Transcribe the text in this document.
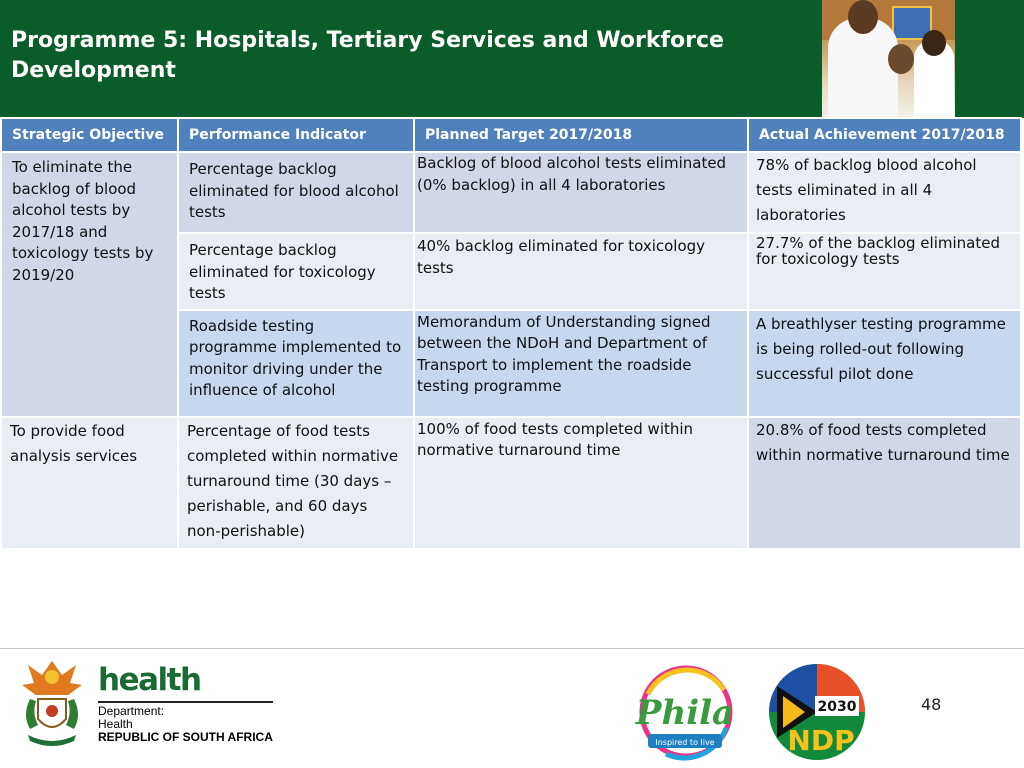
Programme 5: Hospitals, Tertiary Services and Workforce Development
Strategic Objective	Performance Indicator	Planned Target 2017/2018	Actual Achievement 2017/2018
To eliminate the backlog of blood alcohol tests by 2017/18 and toxicology tests by 2019/20	Percentage backlog eliminated for blood alcohol tests	Backlog of blood alcohol tests eliminated (0% backlog) in all 4 laboratories	78% of backlog blood alcohol tests eliminated in all 4 laboratories
	Percentage backlog eliminated for toxicology tests	40% backlog eliminated for toxicology tests	27.7% of the backlog eliminated for toxicology tests
	Roadside testing programme implemented to monitor driving under the influence of alcohol	Memorandum of Understanding signed between the NDoH and Department of Transport to implement the roadside testing programme	A breathlyser testing programme is being rolled-out following successful pilot done
To provide food analysis services	Percentage of food tests completed within normative turnaround time (30 days – perishable, and 60 days non-perishable)	100% of food tests completed within normative turnaround time	20.8% of food tests completed within normative turnaround time
health
Department:
Health
REPUBLIC OF SOUTH AFRICA
Phila
Inspired to live
2030
NDP
48
